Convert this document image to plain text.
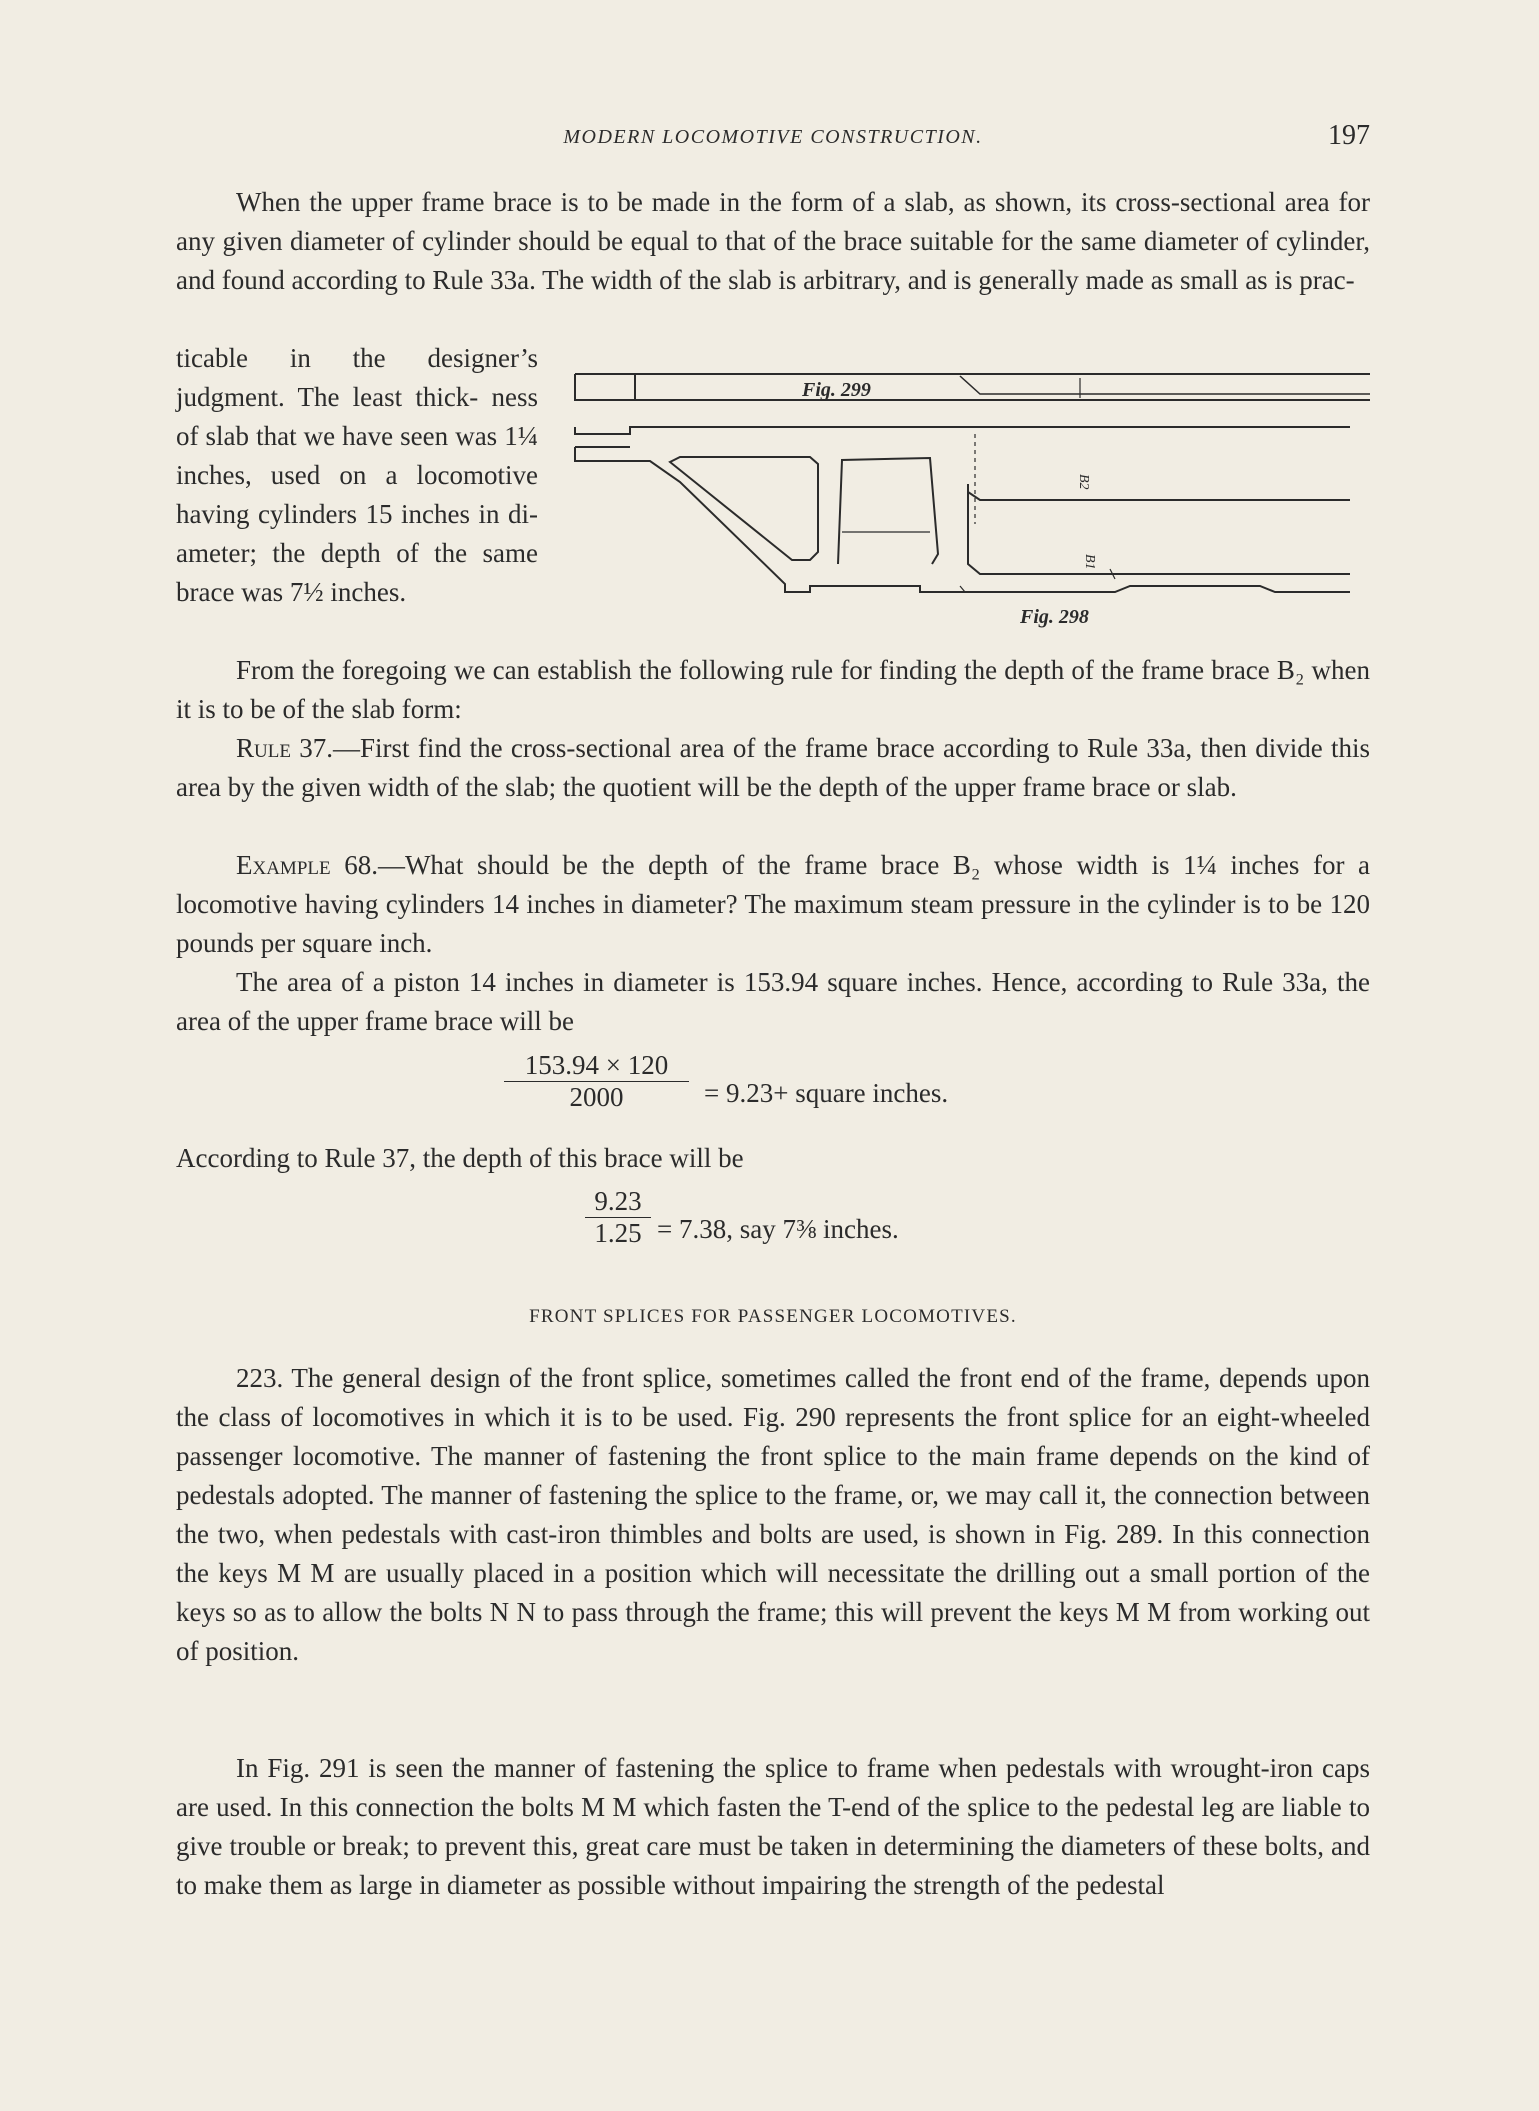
MODERN LOCOMOTIVE CONSTRUCTION.	197

When the upper frame brace is to be made in the form of a slab, as shown, its cross-sectional area for any given diameter of cylinder should be equal to that of the brace suitable for the same diameter of cylinder, and found according to Rule 33a. The width of the slab is arbitrary, and is generally made as small as is prac-

ticable in the designer’s judgment. The least thick- ness of slab that we have seen was 1¼ inches, used on a locomotive having cylinders 15 inches in di- ameter; the depth of the same brace was 7½ inches.

Fig. 299
Fig. 298
B2
B1

From the foregoing we can establish the following rule for finding the depth of the frame brace B₂ when it is to be of the slab form:

Rule 37.—First find the cross-sectional area of the frame brace according to Rule 33a, then divide this area by the given width of the slab; the quotient will be the depth of the upper frame brace or slab.

Example 68.—What should be the depth of the frame brace B₂ whose width is 1¼ inches for a locomotive having cylinders 14 inches in diameter? The maximum steam pressure in the cylinder is to be 120 pounds per square inch.

The area of a piston 14 inches in diameter is 153.94 square inches. Hence, according to Rule 33a, the area of the upper frame brace will be

153.94 × 120
2000	= 9.23+ square inches.

According to Rule 37, the depth of this brace will be

9.23
1.25 = 7.38, say 7⅜ inches.
FRONT SPLICES FOR PASSENGER LOCOMOTIVES.

223. The general design of the front splice, sometimes called the front end of the frame, depends upon the class of locomotives in which it is to be used. Fig. 290 represents the front splice for an eight-wheeled passenger locomotive. The manner of fastening the front splice to the main frame depends on the kind of pedestals adopted. The manner of fastening the splice to the frame, or, we may call it, the connection between the two, when pedestals with cast-iron thimbles and bolts are used, is shown in Fig. 289. In this connection the keys M M are usually placed in a position which will necessitate the drilling out a small portion of the keys so as to allow the bolts N N to pass through the frame; this will prevent the keys M M from working out of position.

In Fig. 291 is seen the manner of fastening the splice to frame when pedestals with wrought-iron caps are used. In this connection the bolts M M which fasten the T-end of the splice to the pedestal leg are liable to give trouble or break; to prevent this, great care must be taken in determining the diameters of these bolts, and to make them as large in diameter as possible without impairing the strength of the pedestal
